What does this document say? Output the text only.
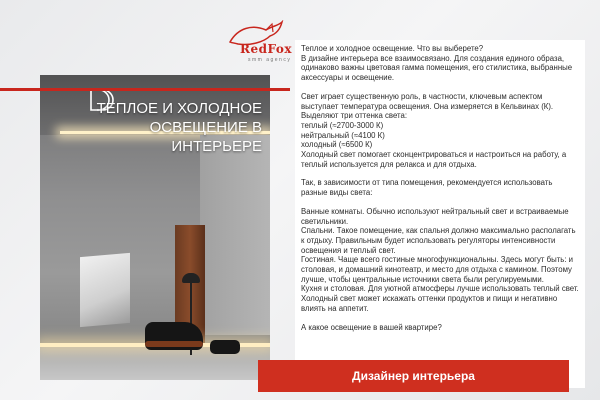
ТЕПЛОЕ И ХОЛОДНОЕ
ОСВЕЩЕНИЕ В
ИНТЕРЬЕРЕ
RedFox
smm agency

Теплое и холодное освещение. Что вы выберете?

В дизайне интерьера все взаимосвязано. Для создания единого образа, одинаково важны цветовая гамма помещения, его стилистика, выбранные аксессуары и освещение.

Свет играет существенную роль, в частности, ключевым аспектом выступает температура освещения. Она измеряется в Кельвинах (К). Выделяют три оттенка света:

теплый (≈2700-3000 К)

нейтральный (≈4100 К)

холодный (≈6500 К)

Холодный свет помогает сконцентрироваться и настроиться на работу, а теплый используется для релакса и для отдыха.

Так, в зависимости от типа помещения, рекомендуется использовать разные виды света:

Ванные комнаты. Обычно используют нейтральный свет и встраиваемые светильники.

Спальни. Такое помещение, как спальня должно максимально располагать к отдыху. Правильным будет использовать регуляторы интенсивности освещения и теплый свет.

Гостиная. Чаще всего гостиные многофункциональны. Здесь могут быть: и столовая, и домашний кинотеатр, и место для отдыха с камином. Поэтому лучше, чтобы центральные источники света были регулируемыми.

Кухня и столовая. Для уютной атмосферы лучше использовать теплый свет. Холодный свет может искажать оттенки продуктов и пищи и негативно влиять на аппетит.

А какое освещение в вашей квартире?

Дизайнер интерьера
